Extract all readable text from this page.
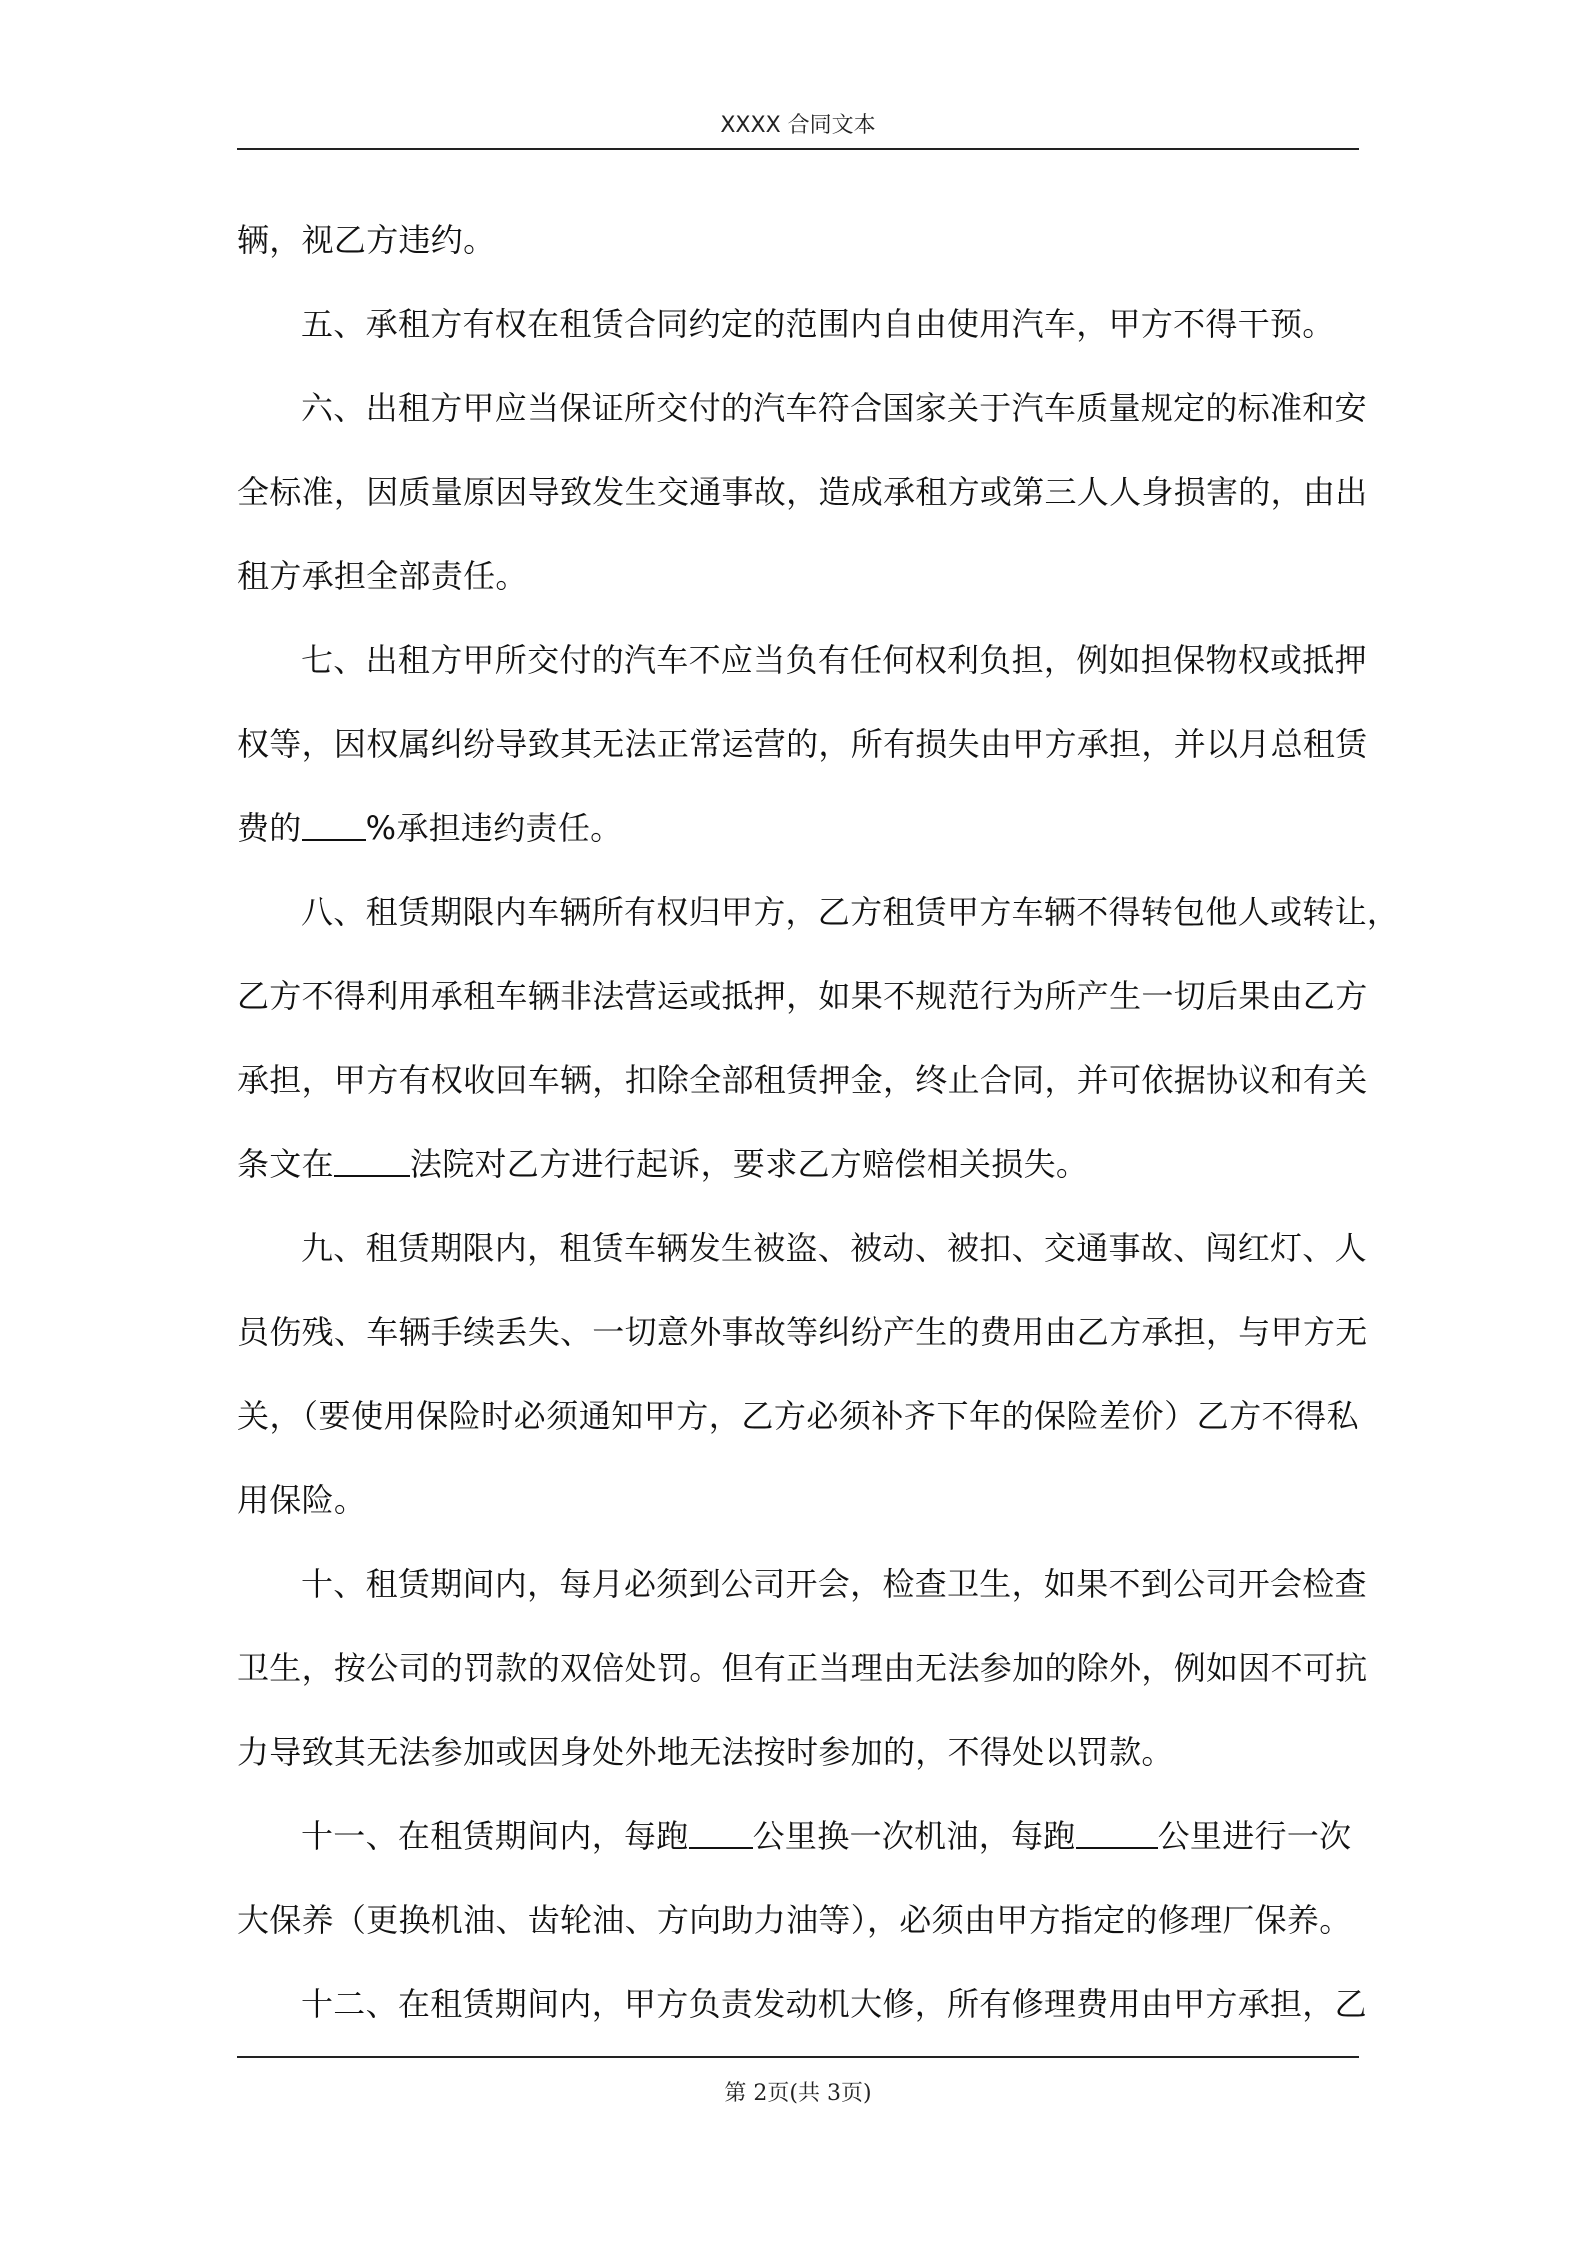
XXXX 合同文本
辆，视乙方违约。
五、承租方有权在租赁合同约定的范围内自由使用汽车，甲方不得干预。
六、出租方甲应当保证所交付的汽车符合国家关于汽车质量规定的标准和安
全标准，因质量原因导致发生交通事故，造成承租方或第三人人身损害的，由出
租方承担全部责任。
七、出租方甲所交付的汽车不应当负有任何权利负担，例如担保物权或抵押
权等，因权属纠纷导致其无法正常运营的，所有损失由甲方承担，并以月总租赁
费的 %承担违约责任。
八、租赁期限内车辆所有权归甲方，乙方租赁甲方车辆不得转包他人或转让，
乙方不得利用承租车辆非法营运或抵押，如果不规范行为所产生一切后果由乙方
承担，甲方有权收回车辆，扣除全部租赁押金，终止合同，并可依据协议和有关
条文在 法院对乙方进行起诉，要求乙方赔偿相关损失。
九、租赁期限内，租赁车辆发生被盗、被动、被扣、交通事故、闯红灯、人
员伤残、车辆手续丢失、一切意外事故等纠纷产生的费用由乙方承担，与甲方无
关，（要使用保险时必须通知甲方，乙方必须补齐下年的保险差价）乙方不得私
用保险。
十、租赁期间内，每月必须到公司开会，检查卫生，如果不到公司开会检查
卫生，按公司的罚款的双倍处罚。但有正当理由无法参加的除外，例如因不可抗
力导致其无法参加或因身处外地无法按时参加的，不得处以罚款。
十一、在租赁期间内，每跑 公里换一次机油，每跑	公里进行一次
大保养（更换机油、齿轮油、方向助力油等），必须由甲方指定的修理厂保养。
十二、在租赁期间内，甲方负责发动机大修，所有修理费用由甲方承担，乙
第 2页(共 3页)
